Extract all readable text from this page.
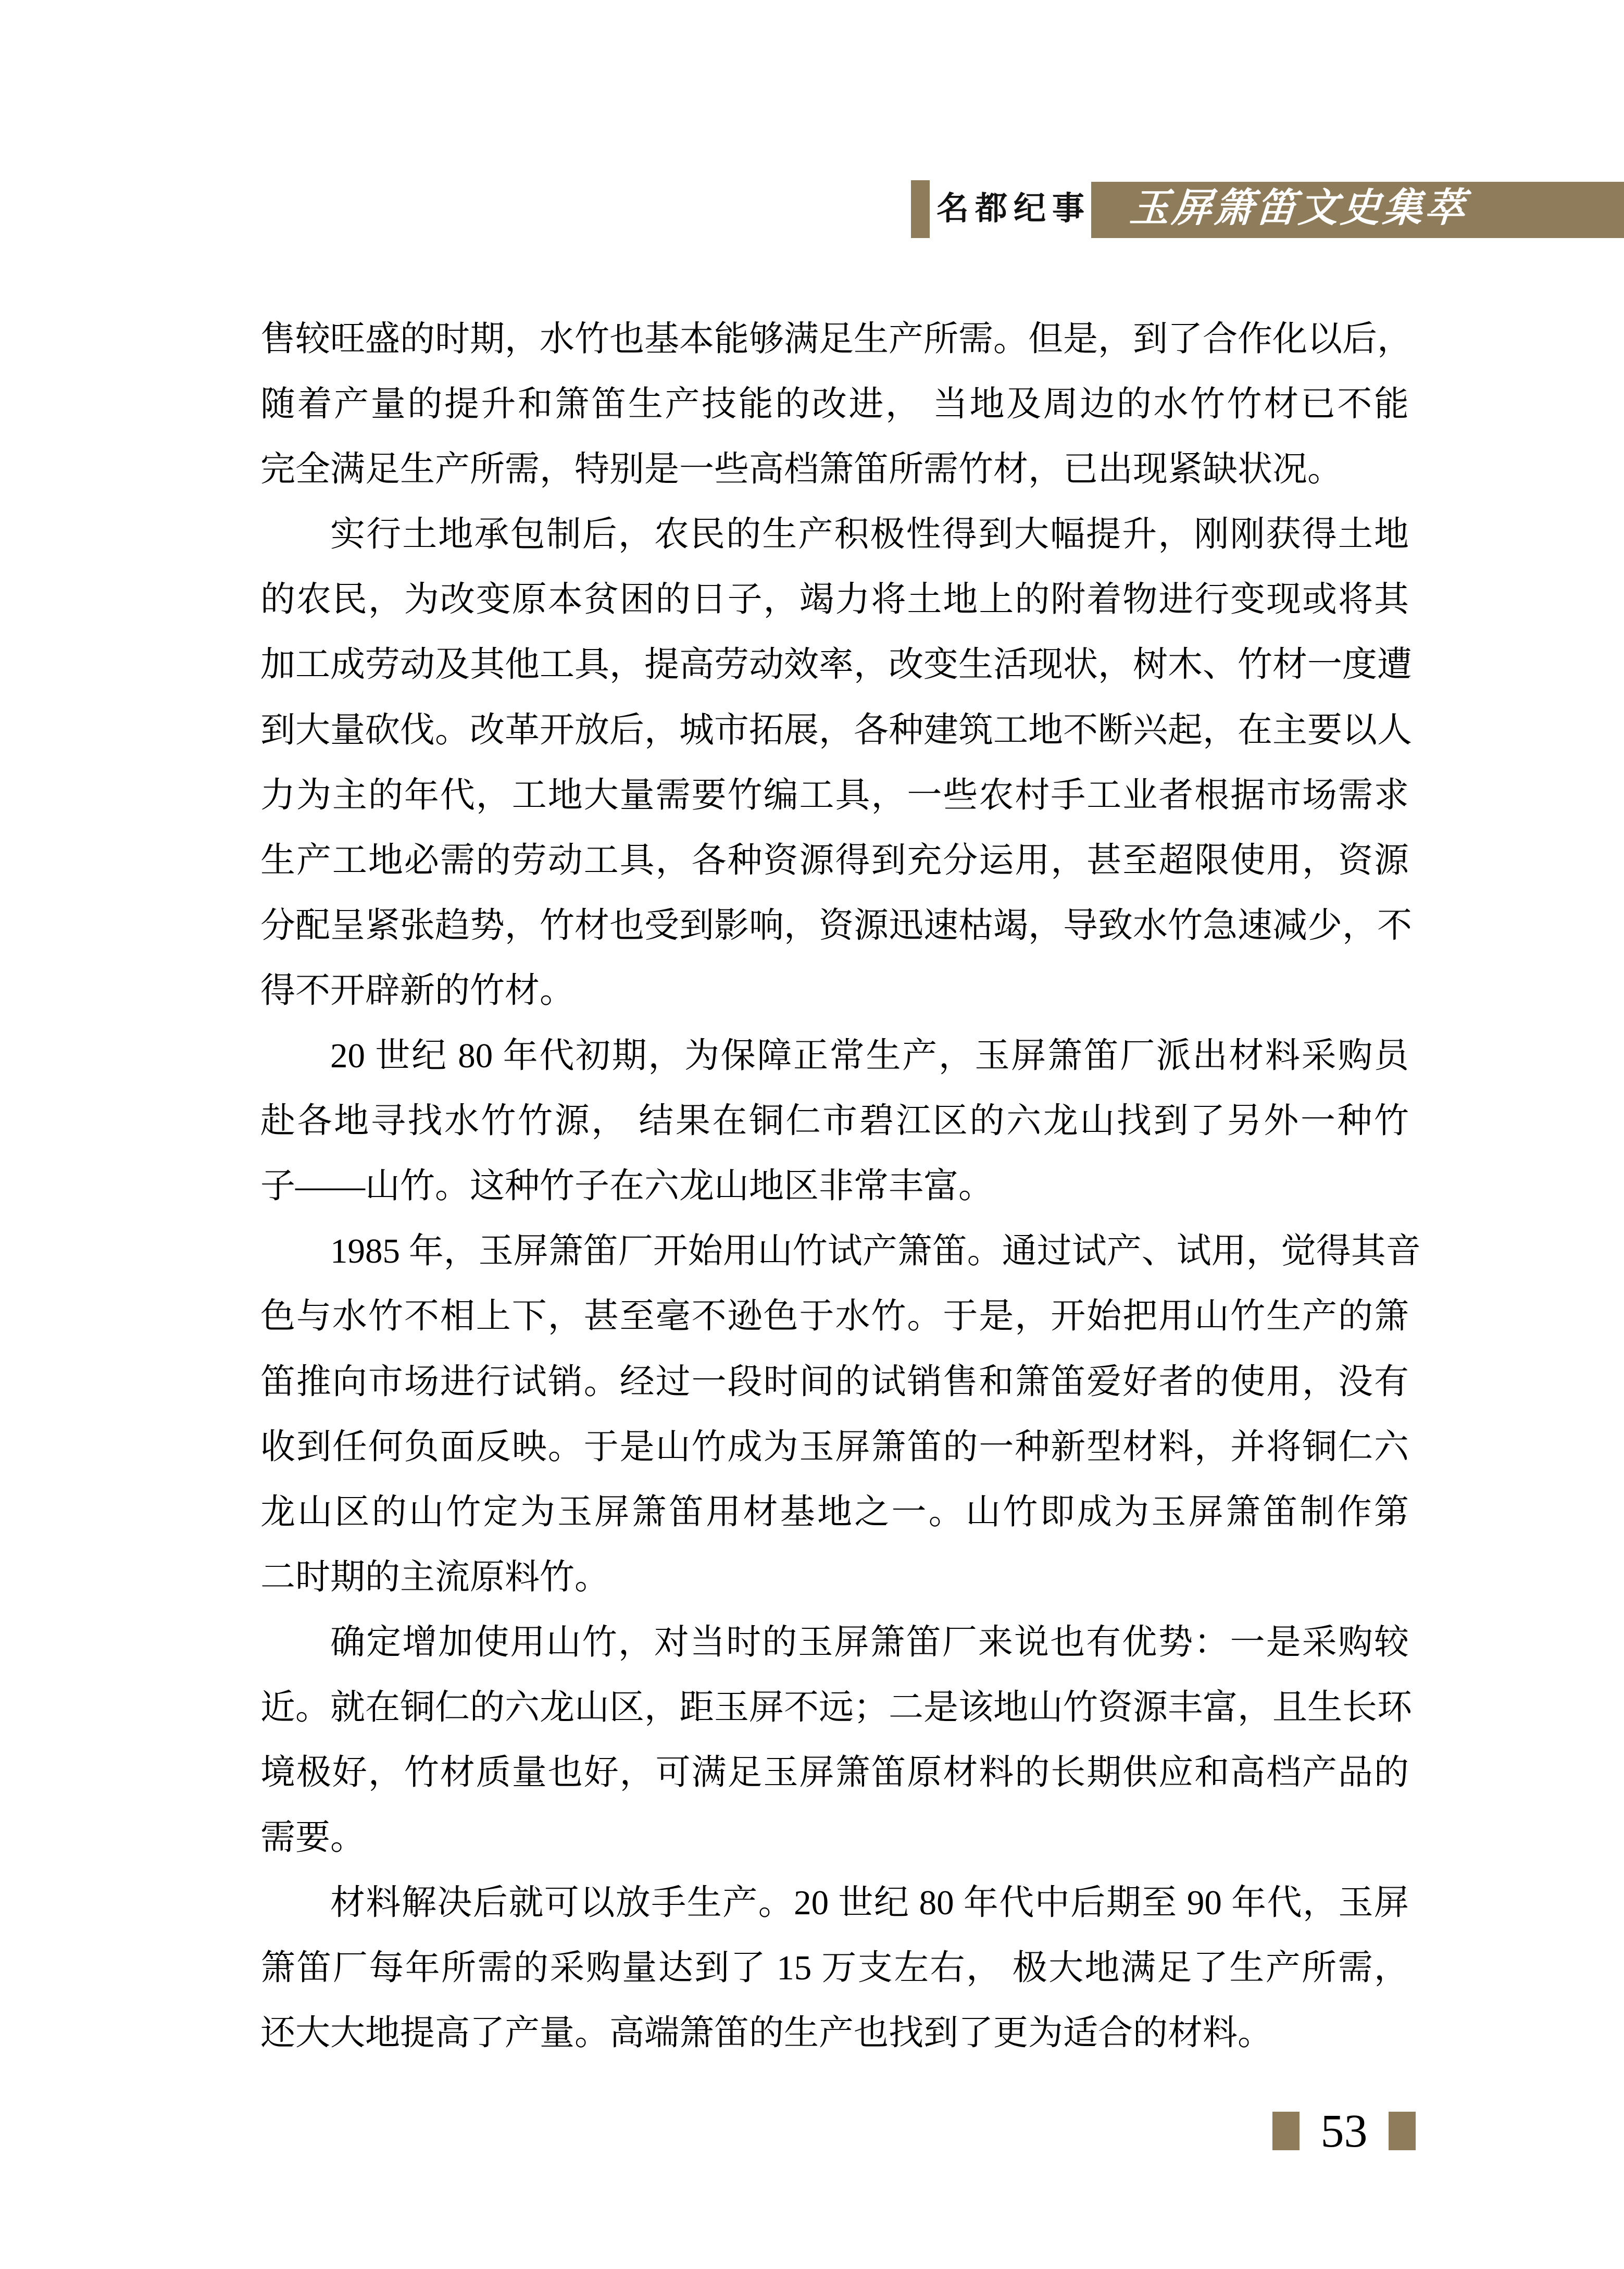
名都纪事 玉屏箫笛文史集萃
售较旺盛的时期，水竹也基本能够满足生产所需。但是，到了合作化以后，
随着产量的提升和箫笛生产技能的改进， 当地及周边的水竹竹材已不能
完全满足生产所需，特别是一些高档箫笛所需竹材，已出现紧缺状况。
实行土地承包制后，农民的生产积极性得到大幅提升，刚刚获得土地
的农民，为改变原本贫困的日子，竭力将土地上的附着物进行变现或将其
加工成劳动及其他工具，提高劳动效率，改变生活现状，树木、竹材一度遭
到大量砍伐。改革开放后，城市拓展，各种建筑工地不断兴起，在主要以人
力为主的年代，工地大量需要竹编工具，一些农村手工业者根据市场需求
生产工地必需的劳动工具，各种资源得到充分运用，甚至超限使用，资源
分配呈紧张趋势，竹材也受到影响，资源迅速枯竭，导致水竹急速减少，不
得不开辟新的竹材。
20 世纪 80 年代初期，为保障正常生产，玉屏箫笛厂派出材料采购员
赴各地寻找水竹竹源， 结果在铜仁市碧江区的六龙山找到了另外一种竹
子——山竹。这种竹子在六龙山地区非常丰富。
1985 年，玉屏箫笛厂开始用山竹试产箫笛。通过试产、试用，觉得其音
色与水竹不相上下，甚至毫不逊色于水竹。于是，开始把用山竹生产的箫
笛推向市场进行试销。经过一段时间的试销售和箫笛爱好者的使用，没有
收到任何负面反映。于是山竹成为玉屏箫笛的一种新型材料，并将铜仁六
龙山区的山竹定为玉屏箫笛用材基地之一。山竹即成为玉屏箫笛制作第
二时期的主流原料竹。
确定增加使用山竹，对当时的玉屏箫笛厂来说也有优势：一是采购较
近。就在铜仁的六龙山区，距玉屏不远；二是该地山竹资源丰富，且生长环
境极好，竹材质量也好，可满足玉屏箫笛原材料的长期供应和高档产品的
需要。
材料解决后就可以放手生产。20 世纪 80 年代中后期至 90 年代，玉屏
箫笛厂每年所需的采购量达到了 15 万支左右， 极大地满足了生产所需，
还大大地提高了产量。高端箫笛的生产也找到了更为适合的材料。
53
